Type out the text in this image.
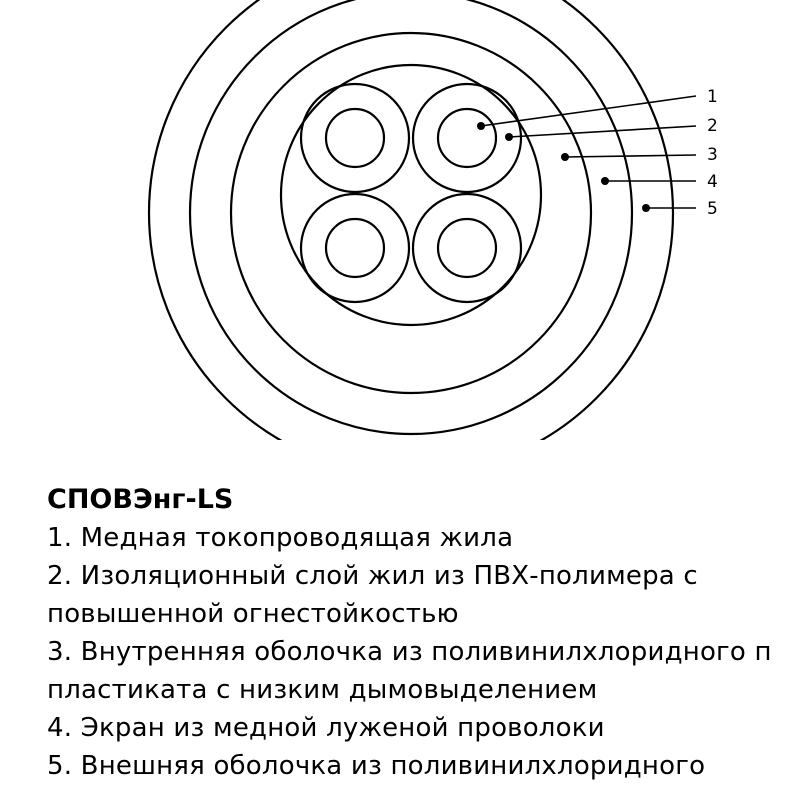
1
2
3
4
5
СПОВЭнг-LS
1. Медная токопроводящая жила
2. Изоляционный слой жил из ПВХ-полимера с
повышенной огнестойкостью
3. Внутренняя оболочка из поливинилхлоридного п
пластиката с низким дымовыделением
4. Экран из медной луженой проволоки
5. Внешняя оболочка из поливинилхлоридного
